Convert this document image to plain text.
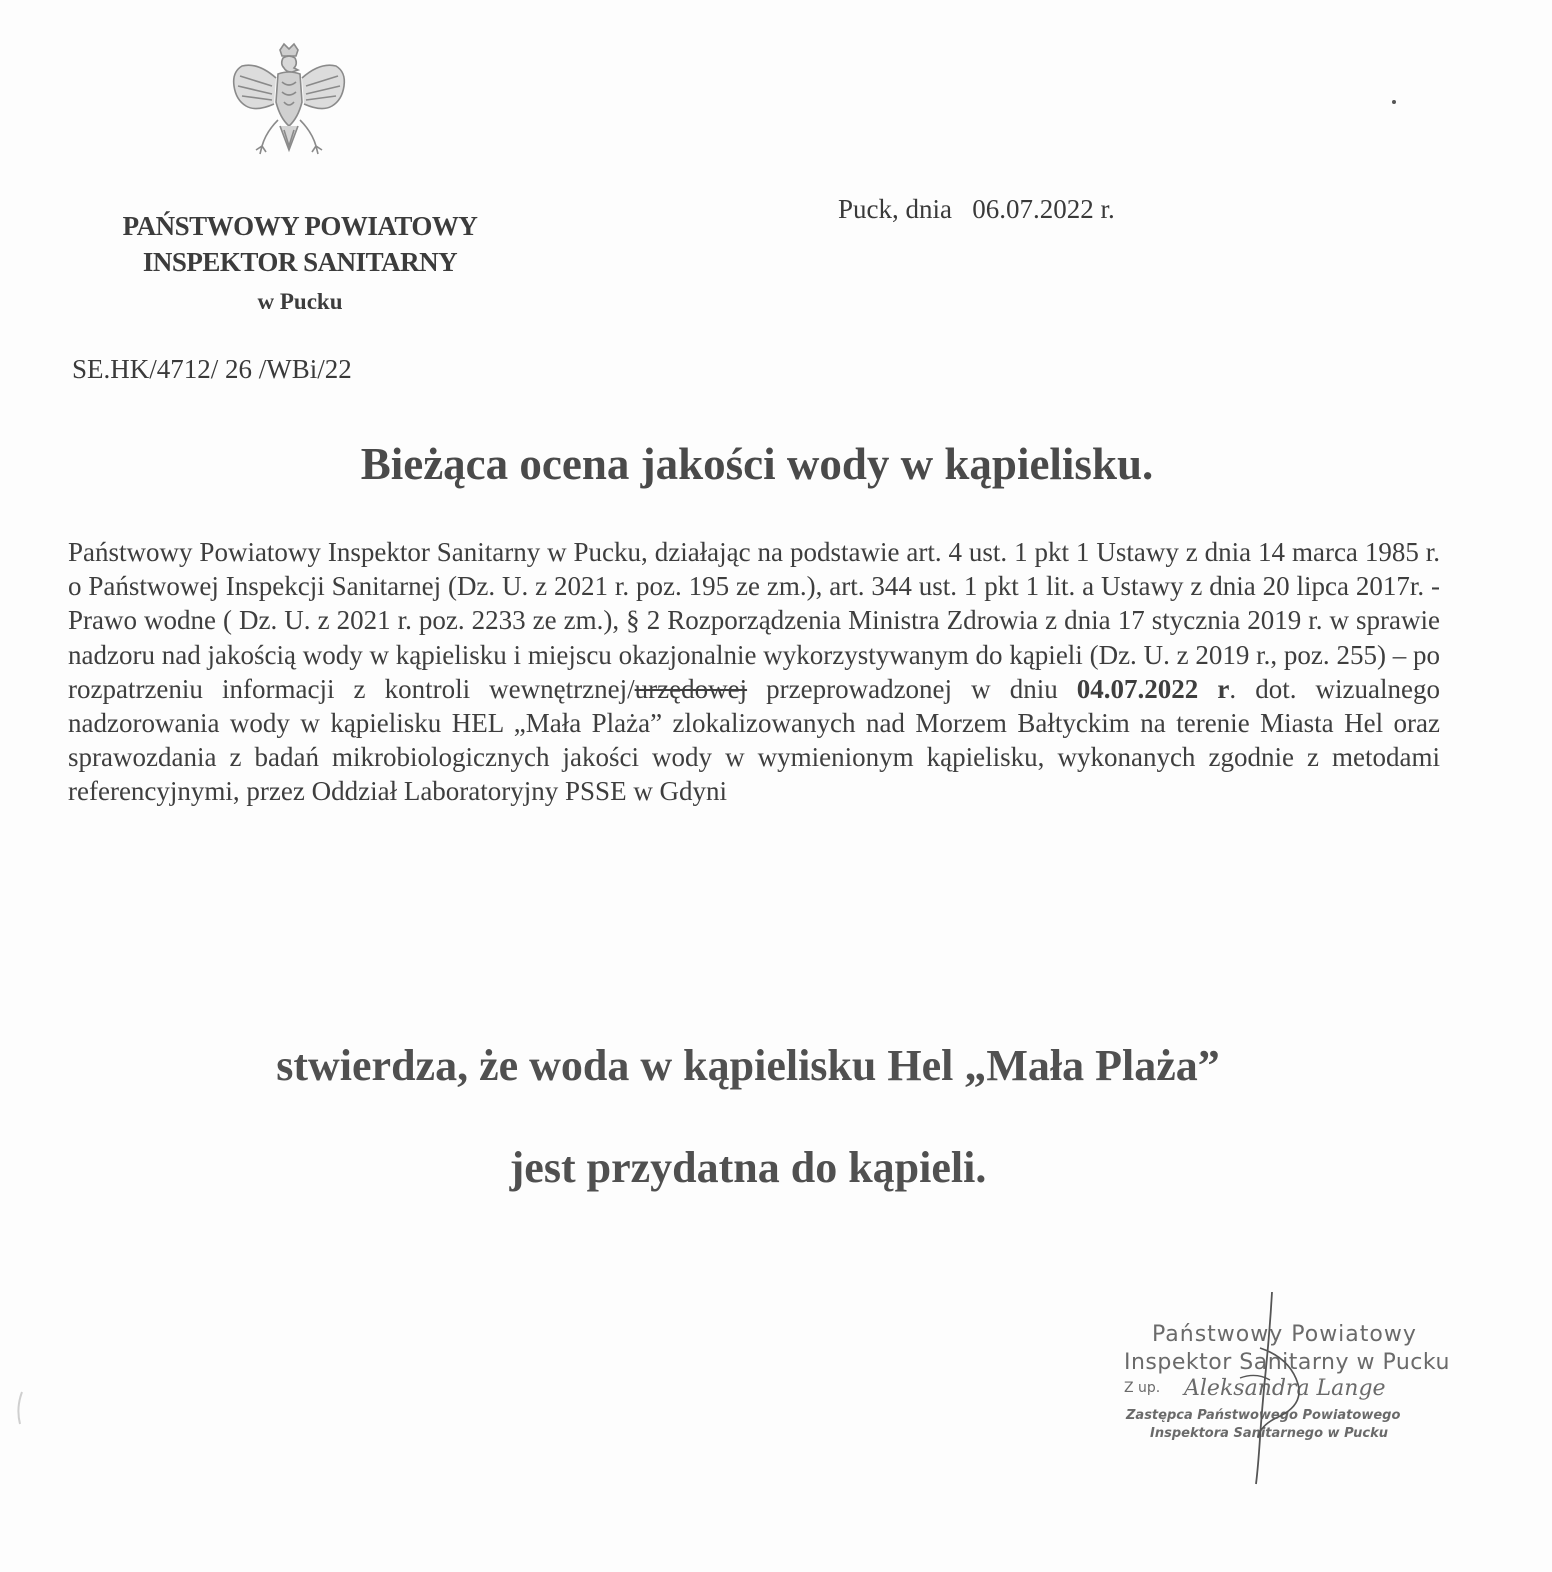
PAŃSTWOWY POWIATOWY
INSPEKTOR SANITARNY
w Pucku
Puck, dnia   06.07.2022 r.
SE.HK/4712/ 26 /WBi/22
Bieżąca ocena jakości wody w kąpielisku.
Państwowy Powiatowy Inspektor Sanitarny w Pucku, działając na podstawie art. 4 ust. 1 pkt 1 Ustawy z dnia 14 marca 1985 r. o Państwowej Inspekcji Sanitarnej (Dz. U. z 2021 r. poz. 195 ze zm.), art. 344 ust. 1 pkt 1 lit. a Ustawy z dnia 20 lipca 2017r. - Prawo wodne ( Dz. U. z 2021 r. poz. 2233 ze zm.), § 2 Rozporządzenia Ministra Zdrowia z dnia 17 stycznia 2019 r. w sprawie nadzoru nad jakością wody w kąpielisku i miejscu okazjonalnie wykorzystywanym do kąpieli (Dz. U. z 2019 r., poz. 255) – po rozpatrzeniu informacji z kontroli wewnętrznej/urzędowej przeprowadzonej w dniu 04.07.2022 r. dot. wizualnego nadzorowania wody w kąpielisku HEL „Mała Plaża” zlokalizowanych nad Morzem Bałtyckim na terenie Miasta Hel oraz sprawozdania z badań mikrobiologicznych jakości wody w wymienionym kąpielisku, wykonanych zgodnie z metodami referencyjnymi, przez Oddział Laboratoryjny PSSE w Gdyni
stwierdza, że woda w kąpielisku Hel „Mała Plaża”
jest przydatna do kąpieli.
Państwowy Powiatowy
Inspektor Sanitarny w Pucku
Z up. Aleksandra Lange
Zastępca Państwowego Powiatowego
Inspektora Sanitarnego w Pucku
